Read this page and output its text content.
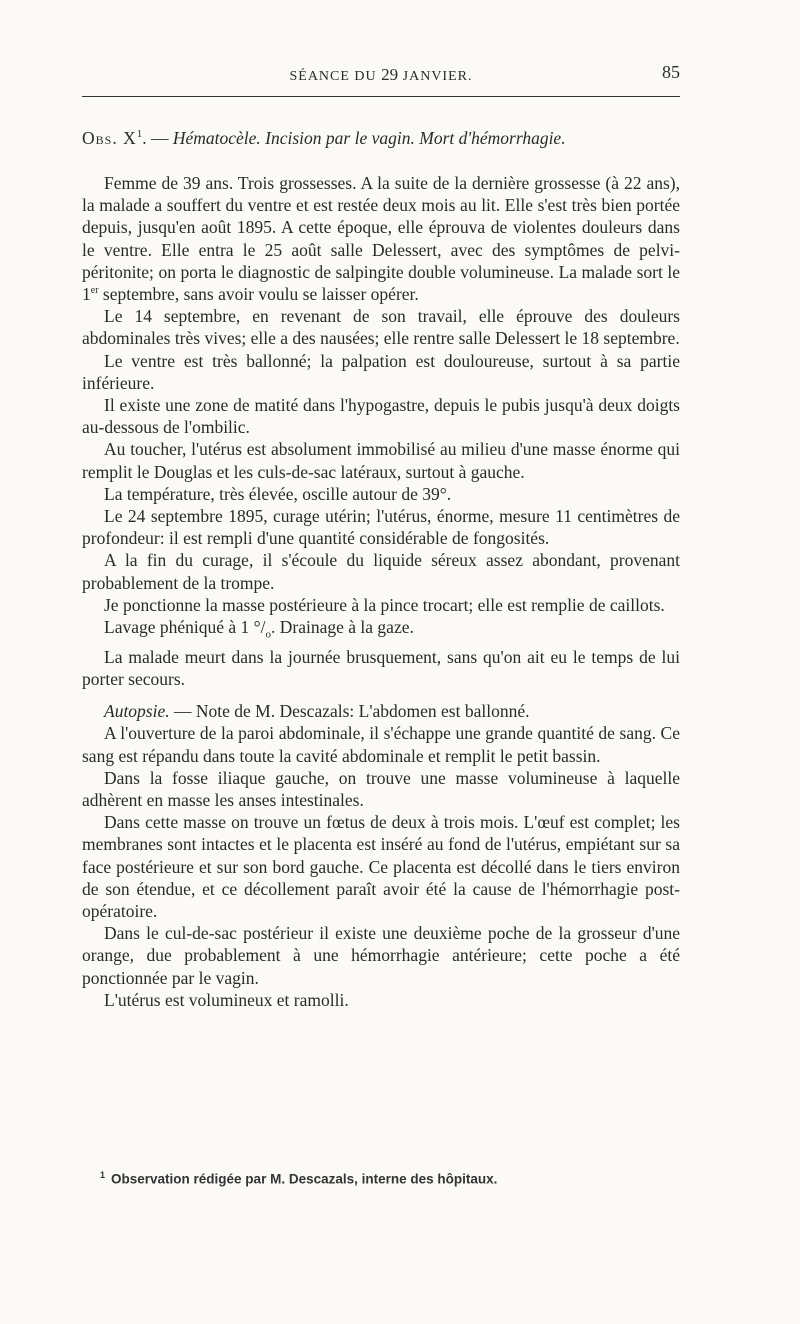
SÉANCE DU 29 JANVIER.	85
Obs. $X^1$. — Hématocèle. Incision par le vagin. Mort d'hémorrhagie.

Femme de 39 ans. Trois grossesses. A la suite de la dernière grossesse (à 22 ans), la malade a souffert du ventre et est restée deux mois au lit. Elle s'est très bien portée depuis, jusqu'en août 1895. A cette époque, elle éprouva de violentes douleurs dans le ventre. Elle entra le 25 août salle Delessert, avec des symptômes de pelvi-péritonite; on porta le diagnostic de salpingite double volumineuse. La malade sort le 1er septembre, sans avoir voulu se laisser opérer.

Le 14 septembre, en revenant de son travail, elle éprouve des douleurs abdominales très vives; elle a des nausées; elle rentre salle Delessert le 18 septembre.

Le ventre est très ballonné; la palpation est douloureuse, surtout à sa partie inférieure.

Il existe une zone de matité dans l'hypogastre, depuis le pubis jusqu'à deux doigts au-dessous de l'ombilic.

Au toucher, l'utérus est absolument immobilisé au milieu d'une masse énorme qui remplit le Douglas et les culs-de-sac latéraux, surtout à gauche.

La température, très élevée, oscille autour de 39°.

Le 24 septembre 1895, curage utérin; l'utérus, énorme, mesure 11 centimètres de profondeur: il est rempli d'une quantité considérable de fongosités.

A la fin du curage, il s'écoule du liquide séreux assez abondant, provenant probablement de la trompe.

Je ponctionne la masse postérieure à la pince trocart; elle est remplie de caillots.

Lavage phéniqué à 1 $^\circ/_o$. Drainage à la gaze.

La malade meurt dans la journée brusquement, sans qu'on ait eu le temps de lui porter secours.

Autopsie. — Note de M. Descazals: L'abdomen est ballonné.

A l'ouverture de la paroi abdominale, il s'échappe une grande quantité de sang. Ce sang est répandu dans toute la cavité abdominale et remplit le petit bassin.

Dans la fosse iliaque gauche, on trouve une masse volumineuse à laquelle adhèrent en masse les anses intestinales.

Dans cette masse on trouve un fœtus de deux à trois mois. L'œuf est complet; les membranes sont intactes et le placenta est inséré au fond de l'utérus, empiétant sur sa face postérieure et sur son bord gauche. Ce placenta est décollé dans le tiers environ de son étendue, et ce décollement paraît avoir été la cause de l'hémorrhagie post-opératoire.

Dans le cul-de-sac postérieur il existe une deuxième poche de la grosseur d'une orange, due probablement à une hémorrhagie antérieure; cette poche a été ponctionnée par le vagin.

L'utérus est volumineux et ramolli.

$^1$ Observation rédigée par M. Descazals, interne des hôpitaux.
